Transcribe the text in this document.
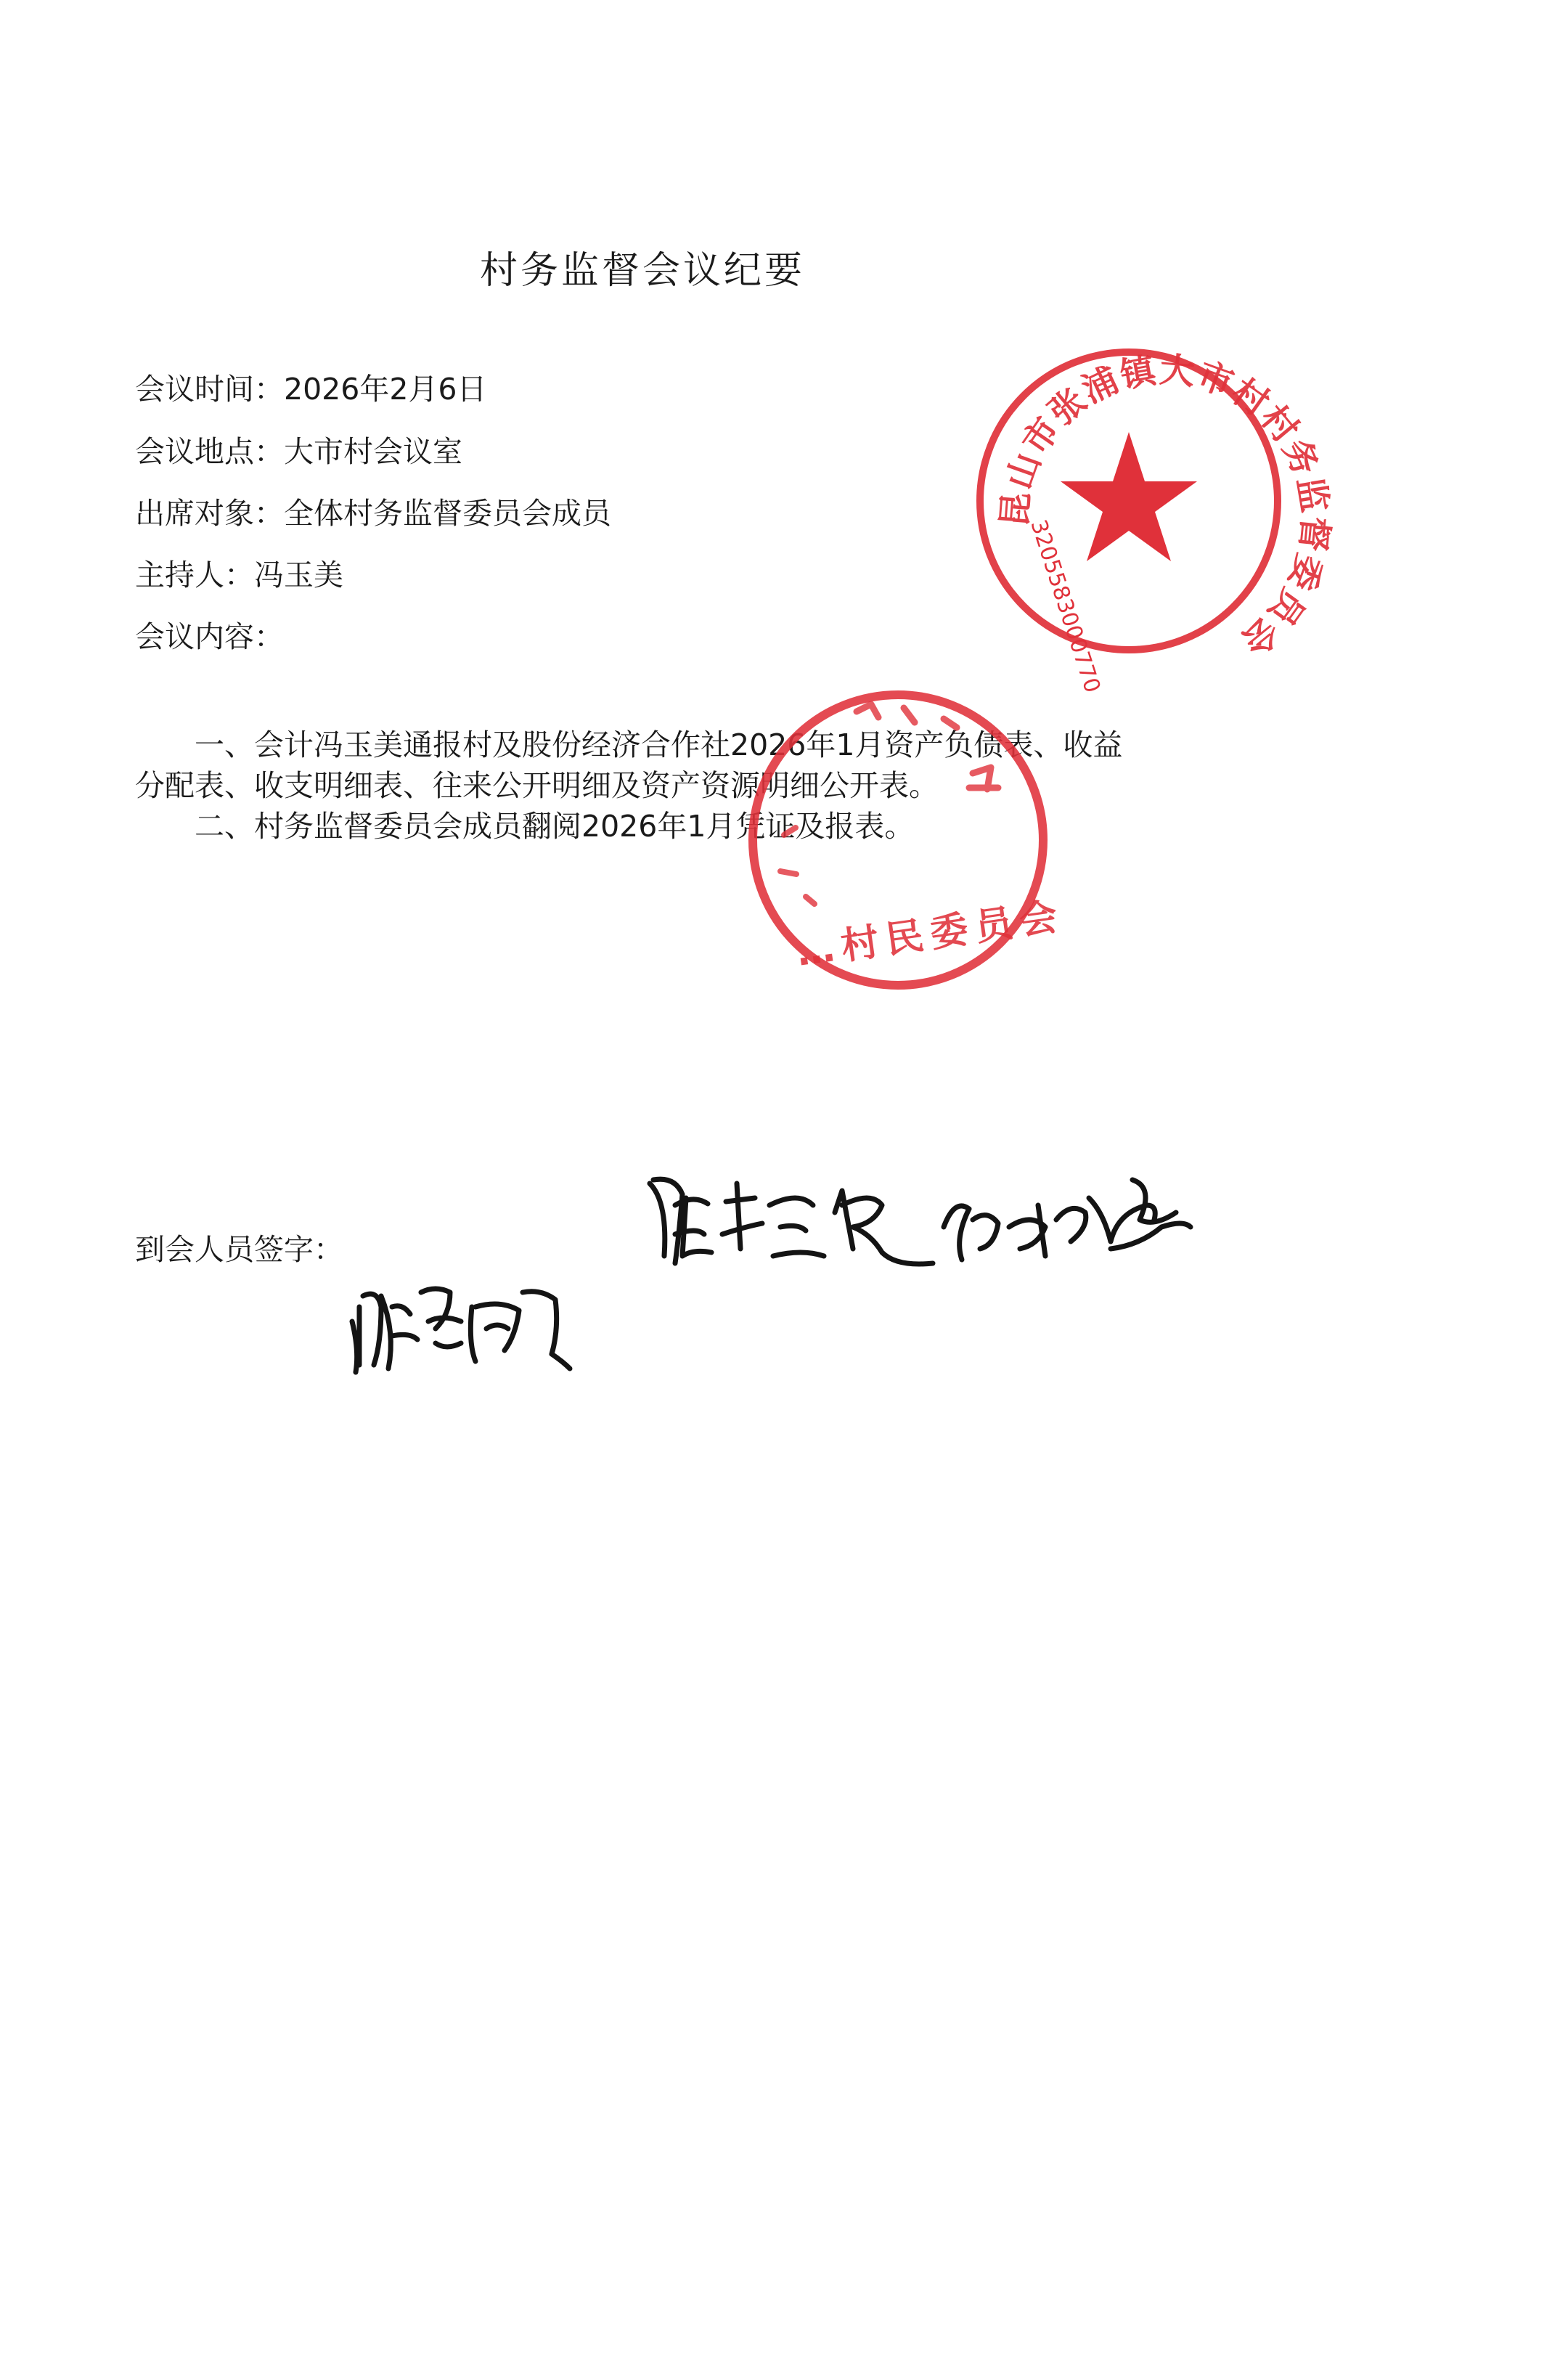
村务监督会议纪要
会议时间：2026年2月6日
会议地点：大市村会议室
出席对象：全体村务监督委员会成员
主持人：冯玉美
会议内容：
一、会计冯玉美通报村及股份经济合作社2026年1月资产负债表、收益分配表、收支明细表、往来公开明细及资产资源明细公开表。
二、村务监督委员会成员翻阅2026年1月凭证及报表。
到会人员签字：
昆山市张浦镇大市村村务监督委员会
3205583000770
…村民委员会
